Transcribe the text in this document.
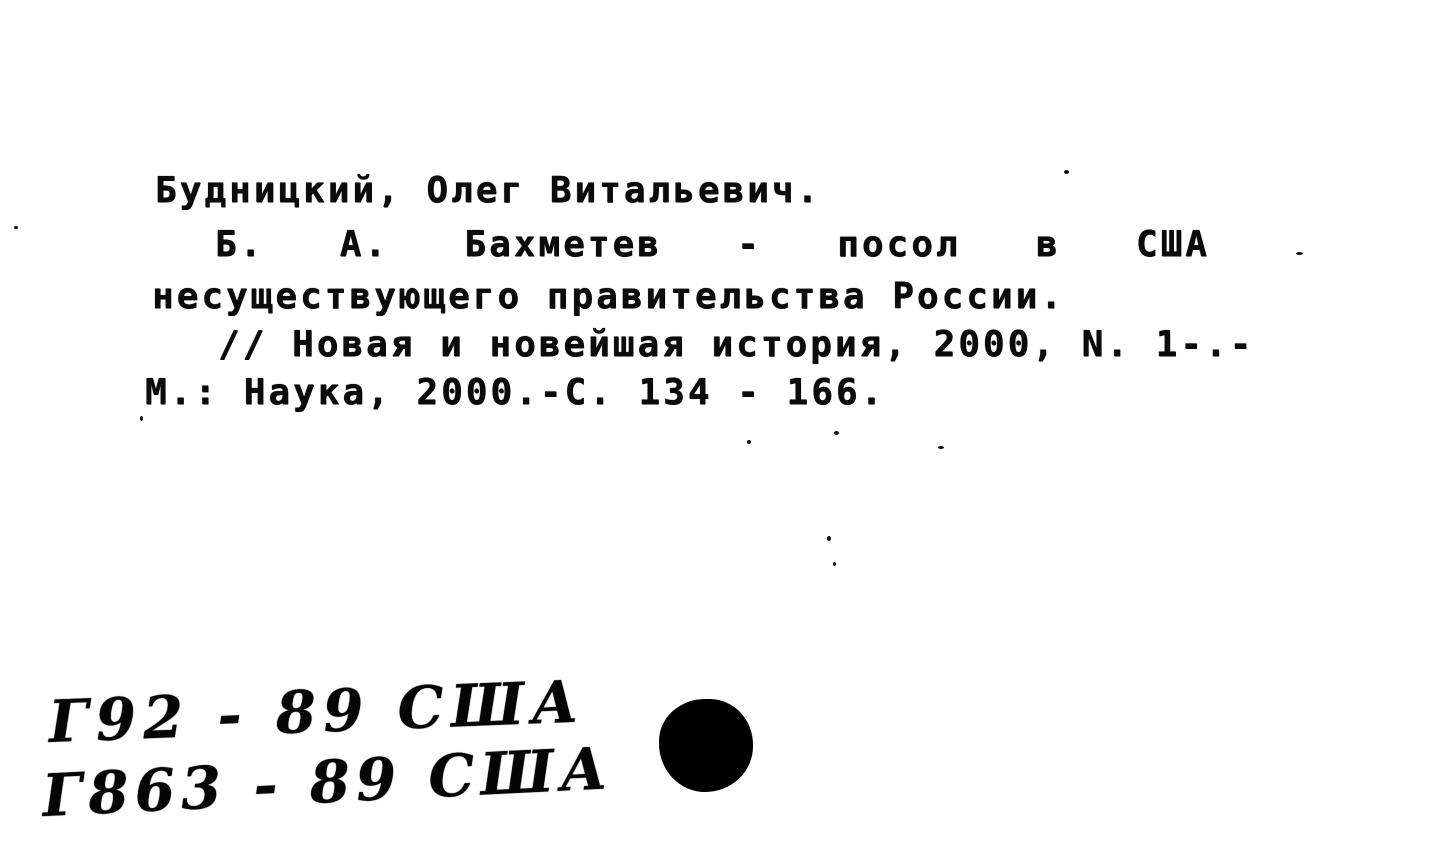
Будницкий, Олег Витальевич.
Б. А. Бахметев - посол в США
несуществующего правительства России.
// Новая и новейшая история, 2000, N. 1-.-
М.: Наука, 2000.-С. 134 - 166.
Г92 - 89 США
Г863 - 89 США
